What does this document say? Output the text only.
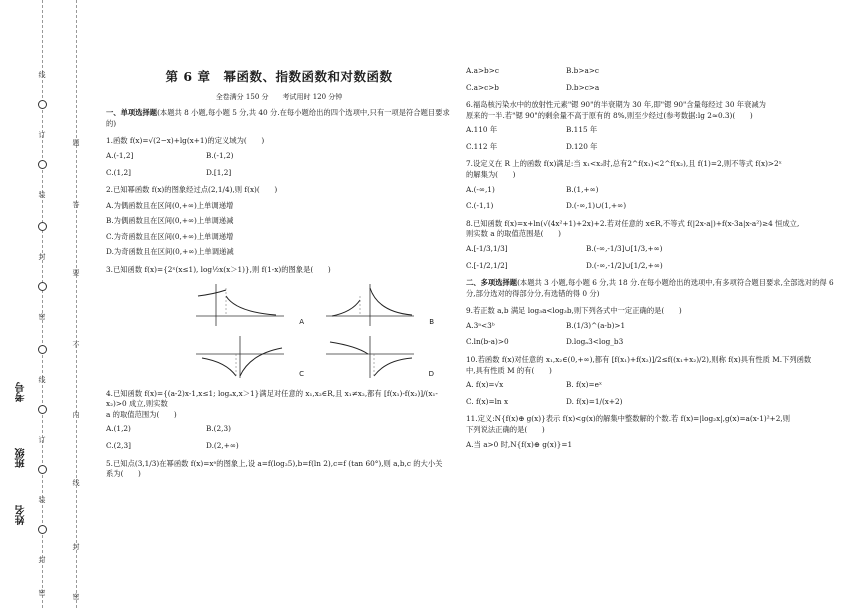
线
订
装
封
密
线
订
装
封
密
题
答
要
不
内
线
封
密
考号
班级
姓名
第 6 章　幂函数、指数函数和对数函数
全卷满分 150 分　　考试用时 120 分钟
一、单项选择题(本题共 8 小题,每小题 5 分,共 40 分.在每小题给出的四个选项中,只有一项是符合题目要求的)
1.函数 f(x)=√(2−x)+lg(x+1)的定义域为(　　)
A.(-1,2]	B.(-1,2)
C.(1,2]	D.[1,2]
2.已知幂函数 f(x)的图象经过点(2,1/4),则 f(x)(　　)
A.为偶函数且在区间(0,+∞)上单调递增
B.为偶函数且在区间(0,+∞)上单调递减
C.为奇函数且在区间(0,+∞)上单调递增
D.为奇函数且在区间(0,+∞)上单调递减
3.已知函数 f(x)={2ˣ(x≤1), log½x(x＞1)},则 f(1-x)的图象是(　　)
A	B
C	D
4.已知函数 f(x)={(a-2)x-1,x≤1; logₐx,x＞1}满足对任意的 x₁,x₂∈R,且 x₁≠x₂,都有 [f(x₁)-f(x₂)]/(x₁-x₂)>0 成立,则实数
a 的取值范围为(　　)
A.(1,2)	B.(2,3)
C.(2,3]	D.(2,+∞)
5.已知点(3,1/3)在幂函数 f(x)=xᵃ的图象上,设 a=f(log₂5),b=f(ln 2),c=f (tan 60°),则 a,b,c 的大小关
系为(　　)
A.a>b>c	B.b>a>c
C.a>c>b	D.b>c>a
6.福岛核污染水中的放射性元素"锶 90"的半衰期为 30 年,即"锶 90"含量每经过 30 年衰减为
原来的一半.若"锶 90"的剩余量不高于原有的 8%,则至少经过(参考数据:lg 2≈0.3)(　　)
A.110 年	B.115 年
C.112 年	D.120 年
7.设定义在 R 上的函数 f(x)满足:当 x₁<x₂时,总有2^f(x₁)<2^f(x₂),且 f(1)=2,则不等式 f(x)>2ˣ
的解集为(　　)
A.(-∞,1)	B.(1,+∞)
C.(-1,1)	D.(-∞,1)∪(1,+∞)
8.已知函数 f(x)=x+ln(√(4x²+1)+2x)+2.若对任意的 x∈R,不等式 f(|2x-a|)+f(x-3a|x-a²)≥4 恒成立,
则实数 a 的取值范围是(　　)
A.[-1/3,1/3]	B.(-∞,-1/3]∪[1/3,+∞)
C.[-1/2,1/2]	D.(-∞,-1/2]∪[1/2,+∞)
二、多项选择题(本题共 3 小题,每小题 6 分,共 18 分.在每小题给出的选项中,有多项符合题目要求,全部选对的得 6 分,部分选对的得部分分,有选错的得 0 分)
9.若正数 a,b 满足 log₃a<log₃b,则下列各式中一定正确的是(　　)
A.3ᵃ<3ᵇ	B.(1/3)^(a-b)>1
C.ln(b-a)>0	D.logₐ3<log_b3
10.若函数 f(x)对任意的 x₁,x₂∈(0,+∞),都有 [f(x₁)+f(x₂)]/2≤f((x₁+x₂)/2),则称 f(x)具有性质 M.下列函数
中,具有性质 M 的有(　　)
A. f(x)=√x	B. f(x)=eˣ
C. f(x)=ln x	D. f(x)=1/(x+2)
11.定义:N{f(x)⊕ g(x)}表示 f(x)<g(x)的解集中整数解的个数.若 f(x)=|log₂x|,g(x)=a(x-1)²+2,则
下列说法正确的是(　　)
A.当 a>0 时,N{f(x)⊕ g(x)}=1
